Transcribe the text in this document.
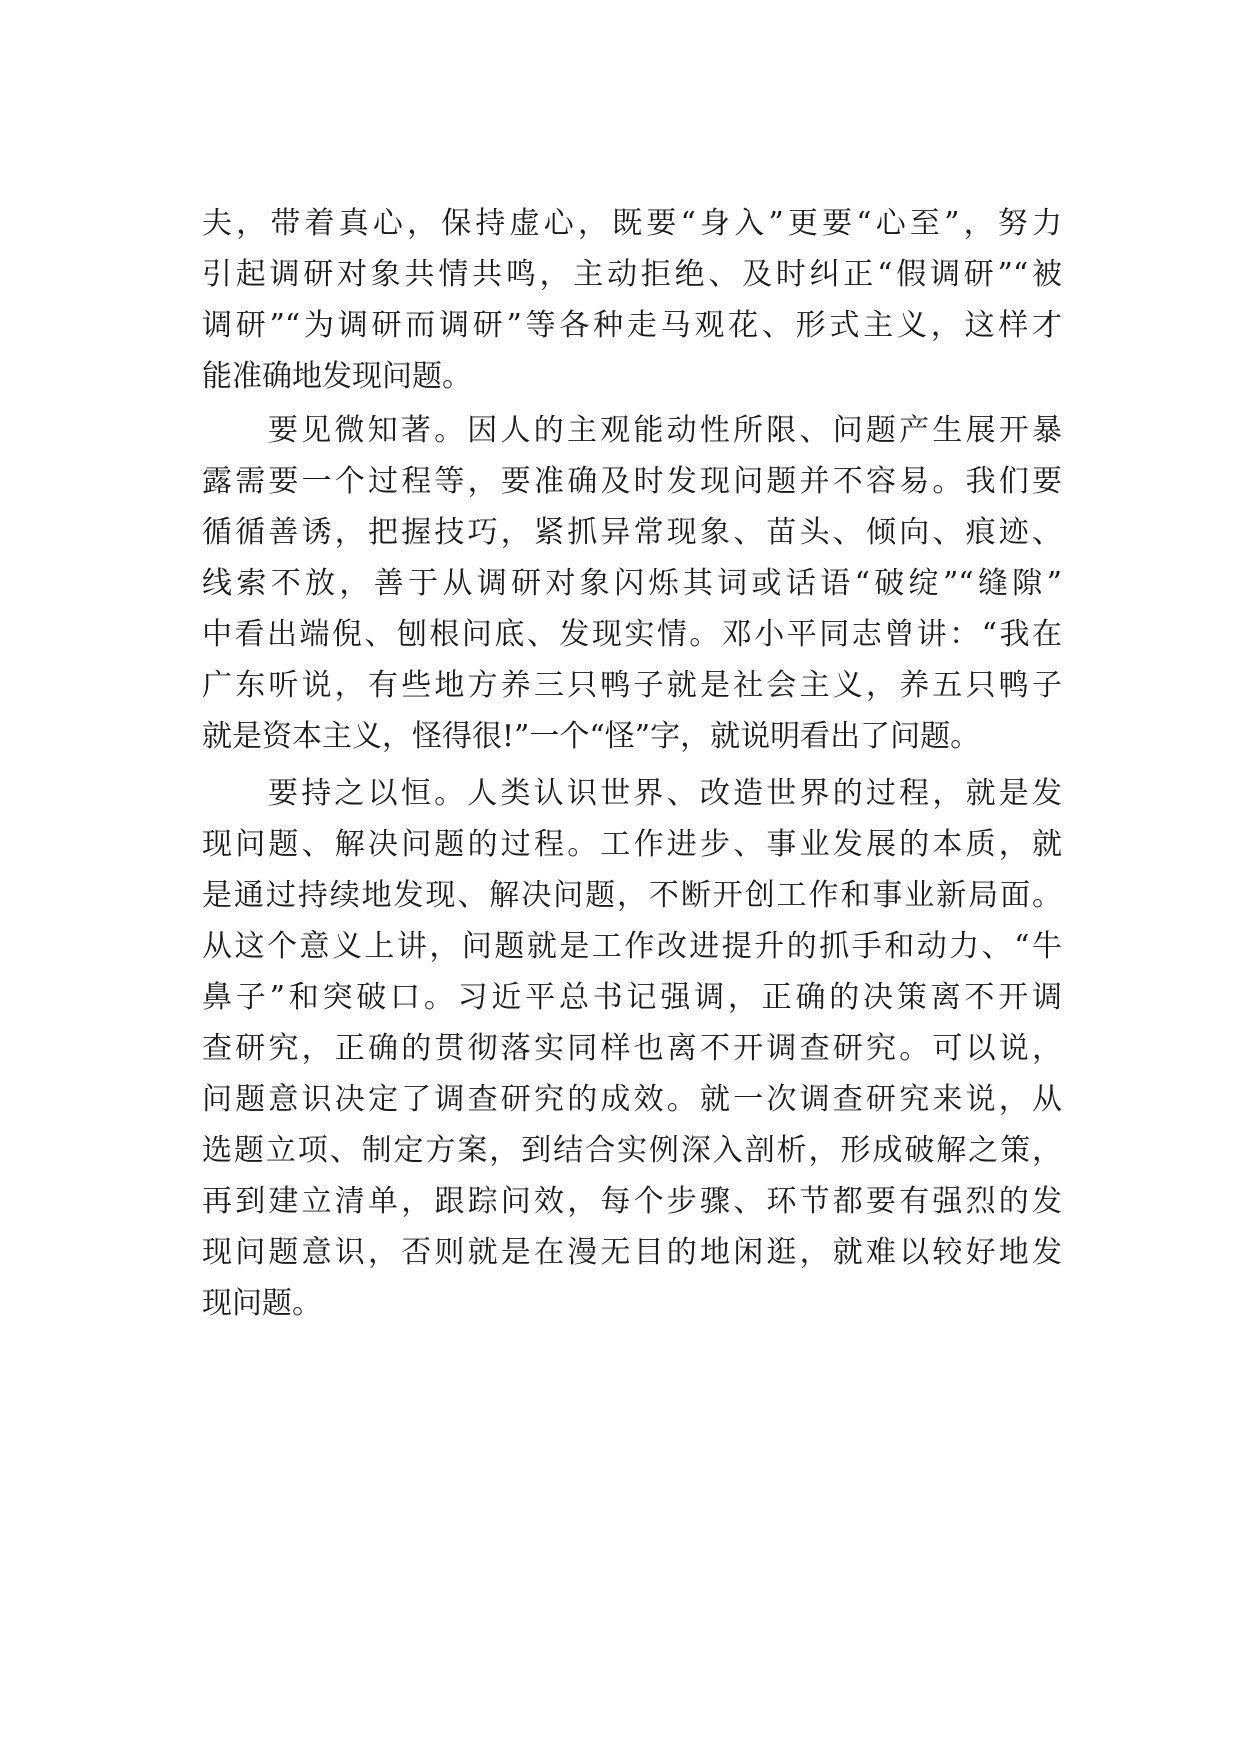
夫，带着真心，保持虚心，既要“身入”更要“心至”，努力
引起调研对象共情共鸣，主动拒绝、及时纠正“假调研”“被
调研”“为调研而调研”等各种走马观花、形式主义，这样才
能准确地发现问题。
要见微知著。因人的主观能动性所限、问题产生展开暴
露需要一个过程等，要准确及时发现问题并不容易。我们要
循循善诱，把握技巧，紧抓异常现象、苗头、倾向、痕迹、
线索不放，善于从调研对象闪烁其词或话语“破绽”“缝隙”
中看出端倪、刨根问底、发现实情。邓小平同志曾讲：“我在
广东听说，有些地方养三只鸭子就是社会主义，养五只鸭子
就是资本主义，怪得很!”一个“怪”字，就说明看出了问题。
要持之以恒。人类认识世界、改造世界的过程，就是发
现问题、解决问题的过程。工作进步、事业发展的本质，就
是通过持续地发现、解决问题，不断开创工作和事业新局面。
从这个意义上讲，问题就是工作改进提升的抓手和动力、“牛
鼻子”和突破口。习近平总书记强调，正确的决策离不开调
查研究，正确的贯彻落实同样也离不开调查研究。可以说，
问题意识决定了调查研究的成效。就一次调查研究来说，从
选题立项、制定方案，到结合实例深入剖析，形成破解之策，
再到建立清单，跟踪问效，每个步骤、环节都要有强烈的发
现问题意识，否则就是在漫无目的地闲逛，就难以较好地发
现问题。
